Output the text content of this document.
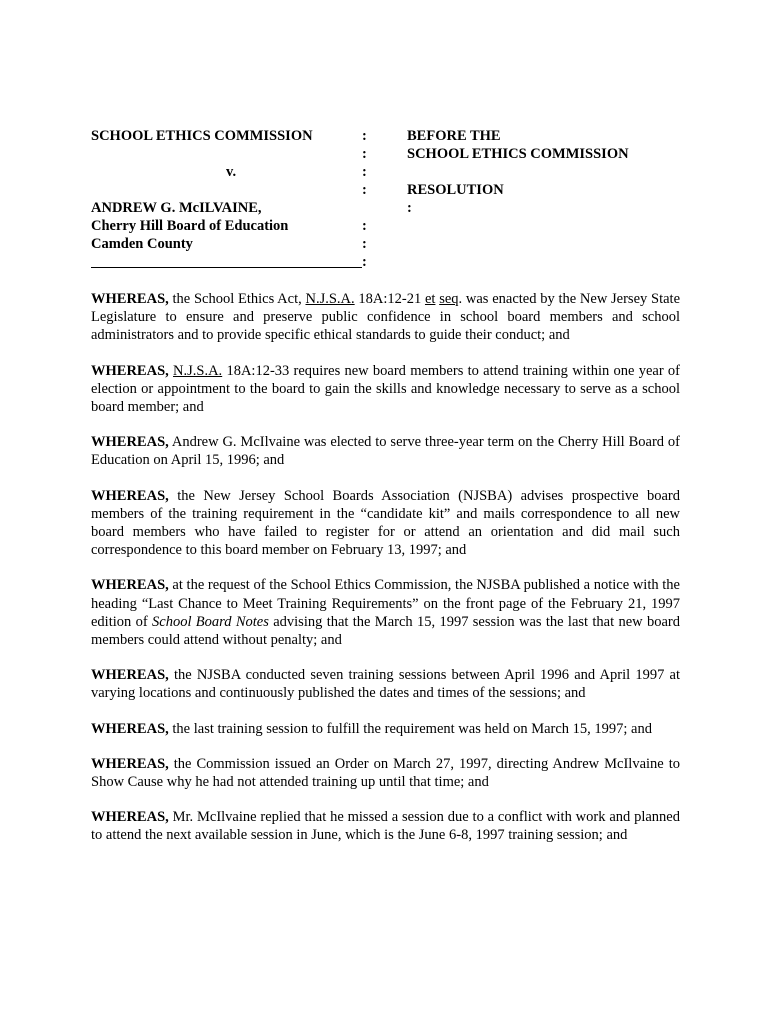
SCHOOL ETHICS COMMISSION
v.
ANDREW G. McILVAINE,
Cherry Hill Board of Education
Camden County
:
:
:
:
:
:
:
BEFORE THE
SCHOOL ETHICS COMMISSION
RESOLUTION
:

WHEREAS, the School Ethics Act, N.J.S.A. 18A:12-21 et seq. was enacted by the New Jersey State Legislature to ensure and preserve public confidence in school board members and school administrators and to provide specific ethical standards to guide their conduct; and

WHEREAS, N.J.S.A. 18A:12-33 requires new board members to attend training within one year of election or appointment to the board to gain the skills and knowledge necessary to serve as a school board member; and

WHEREAS, Andrew G. McIlvaine was elected to serve three-year term on the Cherry Hill Board of Education on April 15, 1996; and

WHEREAS, the New Jersey School Boards Association (NJSBA) advises prospective board members of the training requirement in the “candidate kit” and mails correspondence to all new board members who have failed to register for or attend an orientation and did mail such correspondence to this board member on February 13, 1997; and

WHEREAS, at the request of the School Ethics Commission, the NJSBA published a notice with the heading “Last Chance to Meet Training Requirements” on the front page of the February 21, 1997 edition of School Board Notes advising that the March 15, 1997 session was the last that new board members could attend without penalty; and

WHEREAS, the NJSBA conducted seven training sessions between April 1996 and April 1997 at varying locations and continuously published the dates and times of the sessions; and

WHEREAS, the last training session to fulfill the requirement was held on March 15, 1997; and

WHEREAS, the Commission issued an Order on March 27, 1997, directing Andrew McIlvaine to Show Cause why he had not attended training up until that time; and

WHEREAS, Mr. McIlvaine replied that he missed a session due to a conflict with work and planned to attend the next available session in June, which is the June 6-8, 1997 training session; and
